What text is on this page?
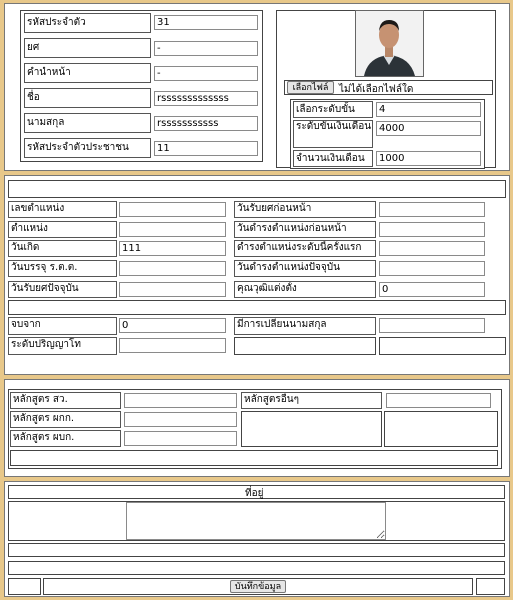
รหัสประจำตัว
31
ยศ
-
คำนำหน้า
-
ชื่อ
rsssssssssssss
นามสกุล
rsssssssssss
รหัสประจำตัวประชาชน
11
เลือกไฟล์	ไม่ได้เลือกไฟล์ใด
เลือกระดับขั้น
4
ระดับขั้นเงินเดือน
4000
จำนวนเงินเดือน
1000
เลขตำแหน่ง
ตำแหน่ง
วันเกิด
111
วันบรรจุ ร.ต.ต.
วันรับยศปัจจุบัน
วันรับยศก่อนหน้า
วันดำรงตำแหน่งก่อนหน้า
ดำรงตำแหน่งระดับนี้ครั้งแรก
วันดำรงตำแหน่งปัจจุบัน
คุณวุฒิแต่งตั้ง
0
จบจาก
0	มีการเปลี่ยนนามสกุล
ระดับปริญญาโท
หลักสูตร สว.
หลักสูตร ผกก.
หลักสูตร ผบก.
หลักสูตรอื่นๆ
ที่อยู่
บันทึกข้อมูล
